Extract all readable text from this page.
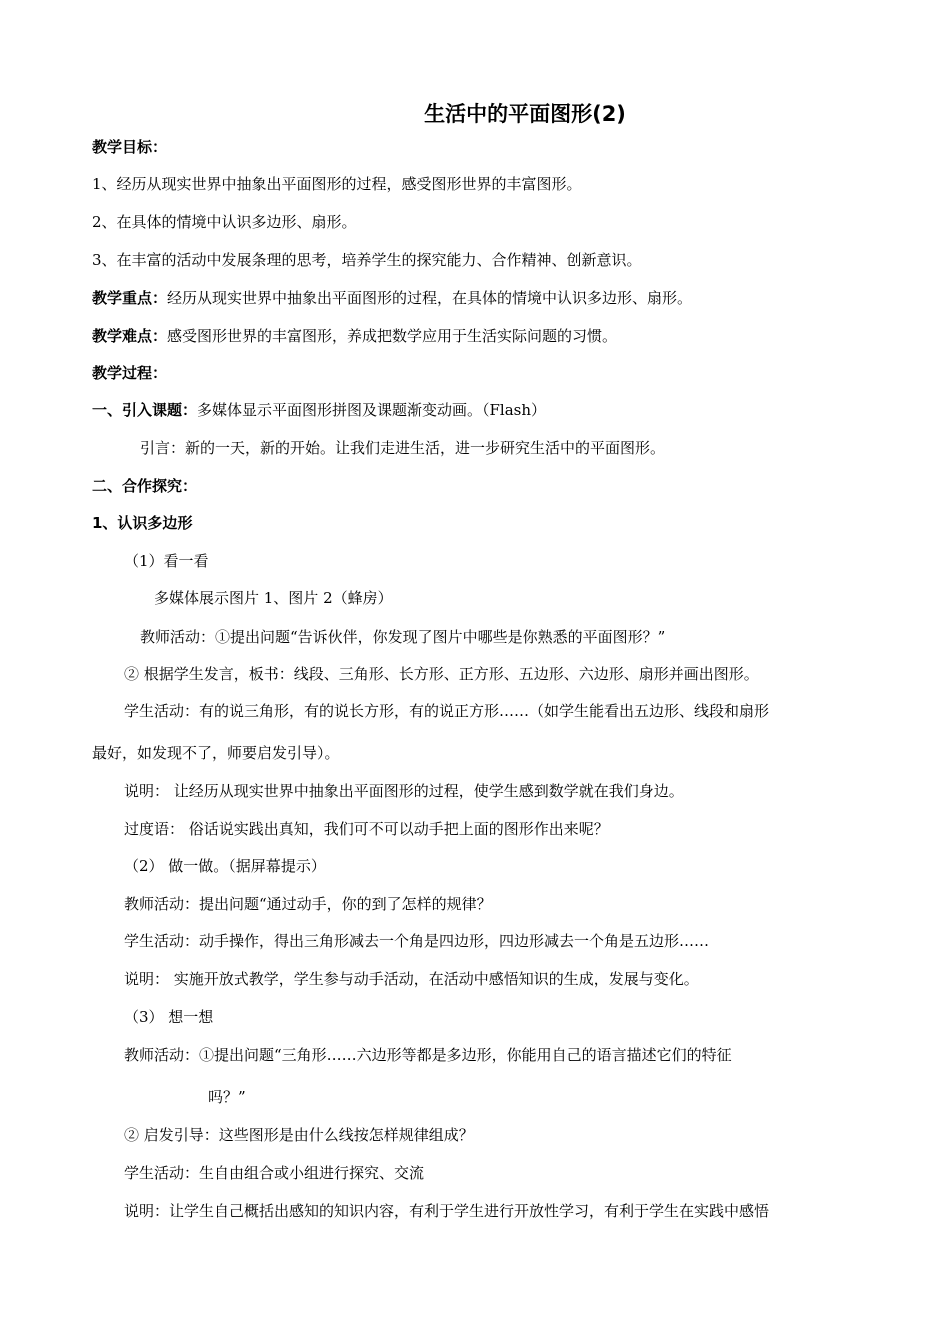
生活中的平面图形(2)
教学目标：
1、经历从现实世界中抽象出平面图形的过程，感受图形世界的丰富图形。
2、在具体的情境中认识多边形、扇形。
3、在丰富的活动中发展条理的思考，培养学生的探究能力、合作精神、创新意识。
教学重点：经历从现实世界中抽象出平面图形的过程，在具体的情境中认识多边形、扇形。
教学难点：感受图形世界的丰富图形，养成把数学应用于生活实际问题的习惯。
教学过程：
一、引入课题：多媒体显示平面图形拼图及课题渐变动画。（Flash）
引言：新的一天，新的开始。让我们走进生活，进一步研究生活中的平面图形。
二、合作探究：
1、认识多边形
（1）看一看
多媒体展示图片 1、图片 2（蜂房）
教师活动：①提出问题“告诉伙伴，你发现了图片中哪些是你熟悉的平面图形？”
② 根据学生发言，板书：线段、三角形、长方形、正方形、五边形、六边形、扇形并画出图形。
学生活动：有的说三角形，有的说长方形，有的说正方形……（如学生能看出五边形、线段和扇形
最好，如发现不了，师要启发引导）。
说明： 让经历从现实世界中抽象出平面图形的过程，使学生感到数学就在我们身边。
过度语： 俗话说实践出真知，我们可不可以动手把上面的图形作出来呢？
（2） 做一做。（据屏幕提示）
教师活动：提出问题“通过动手，你的到了怎样的规律？
学生活动：动手操作，得出三角形减去一个角是四边形，四边形减去一个角是五边形……
说明： 实施开放式教学，学生参与动手活动，在活动中感悟知识的生成，发展与变化。
（3） 想一想
教师活动：①提出问题“三角形……六边形等都是多边形，你能用自己的语言描述它们的特征
吗？”
② 启发引导：这些图形是由什么线按怎样规律组成？
学生活动：生自由组合或小组进行探究、交流
说明：让学生自己概括出感知的知识内容，有利于学生进行开放性学习，有利于学生在实践中感悟
